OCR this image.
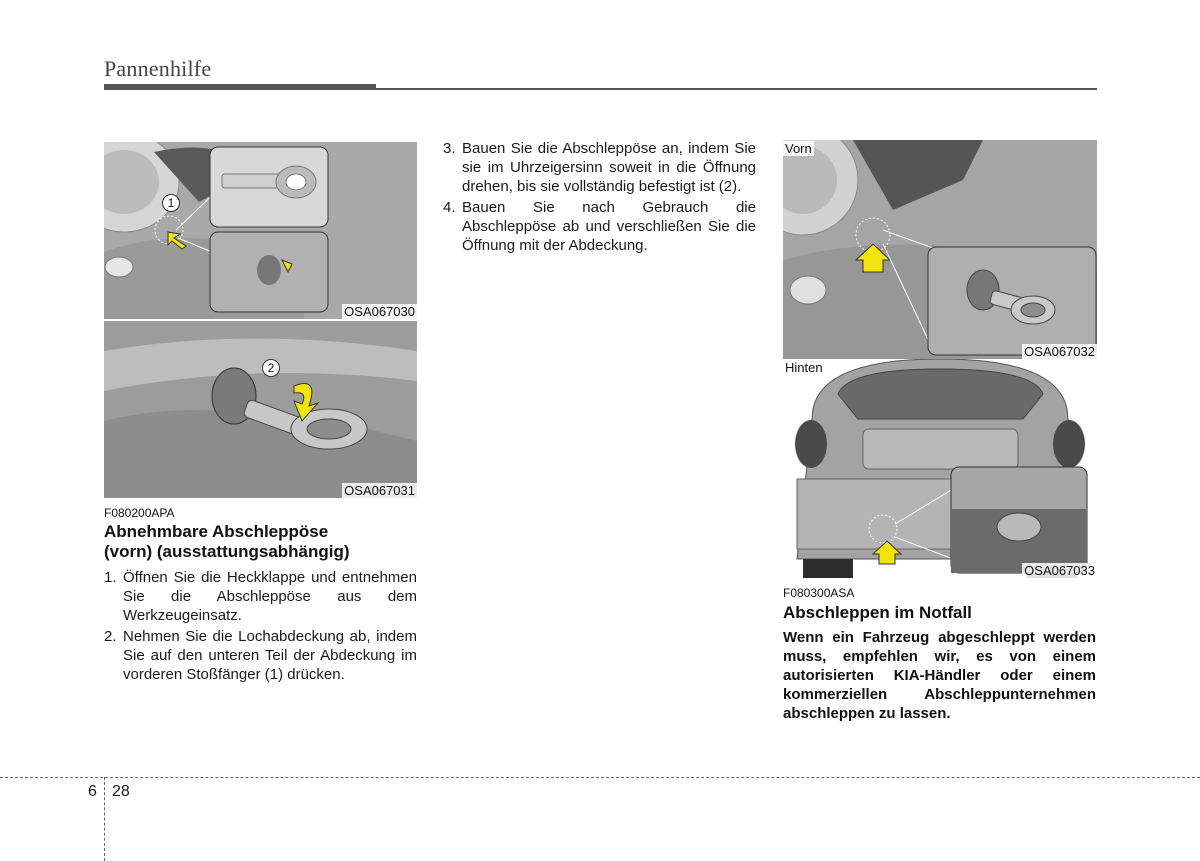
Pannenhilfe
1
OSA067030
2
OSA067031
F080200APA
Abnehmbare Abschleppöse
(vorn) (ausstattungsabhängig)
1. Öffnen Sie die Heckklappe und entnehmen Sie die Abschleppöse aus dem Werkzeugeinsatz.
2. Nehmen Sie die Lochabdeckung ab, indem Sie auf den unteren Teil der Abdeckung im vorderen Stoßfänger (1) drücken.
3. Bauen Sie die Abschleppöse an, indem Sie sie im Uhrzeigersinn soweit in die Öffnung drehen, bis sie vollständig befestigt ist (2).
4. Bauen Sie nach Gebrauch die Abschleppöse ab und verschließen Sie die Öffnung mit der Abdeckung.
Vorn
OSA067032
Hinten
OSA067033
F080300ASA
Abschleppen im Notfall
Wenn ein Fahrzeug abgeschleppt werden muss, empfehlen wir, es von einem autorisierten KIA-Händler oder einem kommerziellen Abschleppunternehmen abschleppen zu lassen.
6 28
